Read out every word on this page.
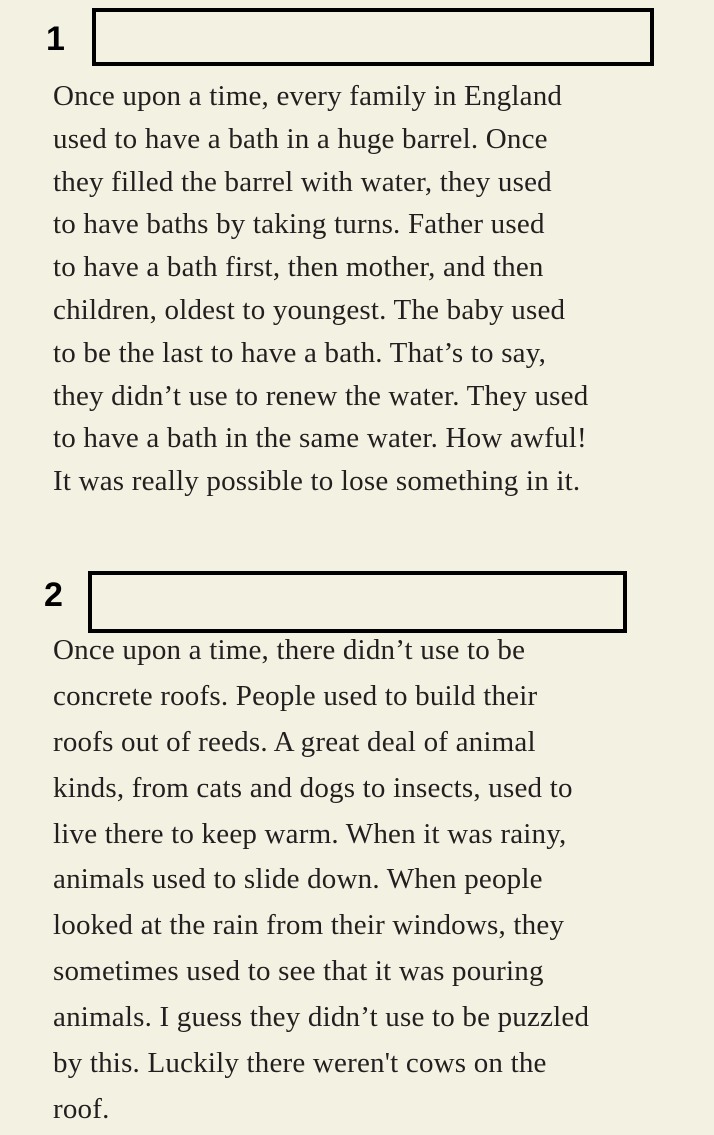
1
Once upon a time, every family in England
used to have a bath in a huge barrel. Once
they filled the barrel with water, they used
to have baths by taking turns. Father used
to have a bath first, then mother, and then
children, oldest to youngest. The baby used
to be the last to have a bath. That’s to say,
they didn’t use to renew the water. They used
to have a bath in the same water. How awful!
It was really possible to lose something in it.
2
Once upon a time, there didn’t use to be
concrete roofs. People used to build their
roofs out of reeds. A great deal of animal
kinds, from cats and dogs to insects, used to
live there to keep warm. When it was rainy,
animals used to slide down. When people
looked at the rain from their windows, they
sometimes used to see that it was pouring
animals. I guess they didn’t use to be puzzled
by this. Luckily there weren't cows on the
roof.
